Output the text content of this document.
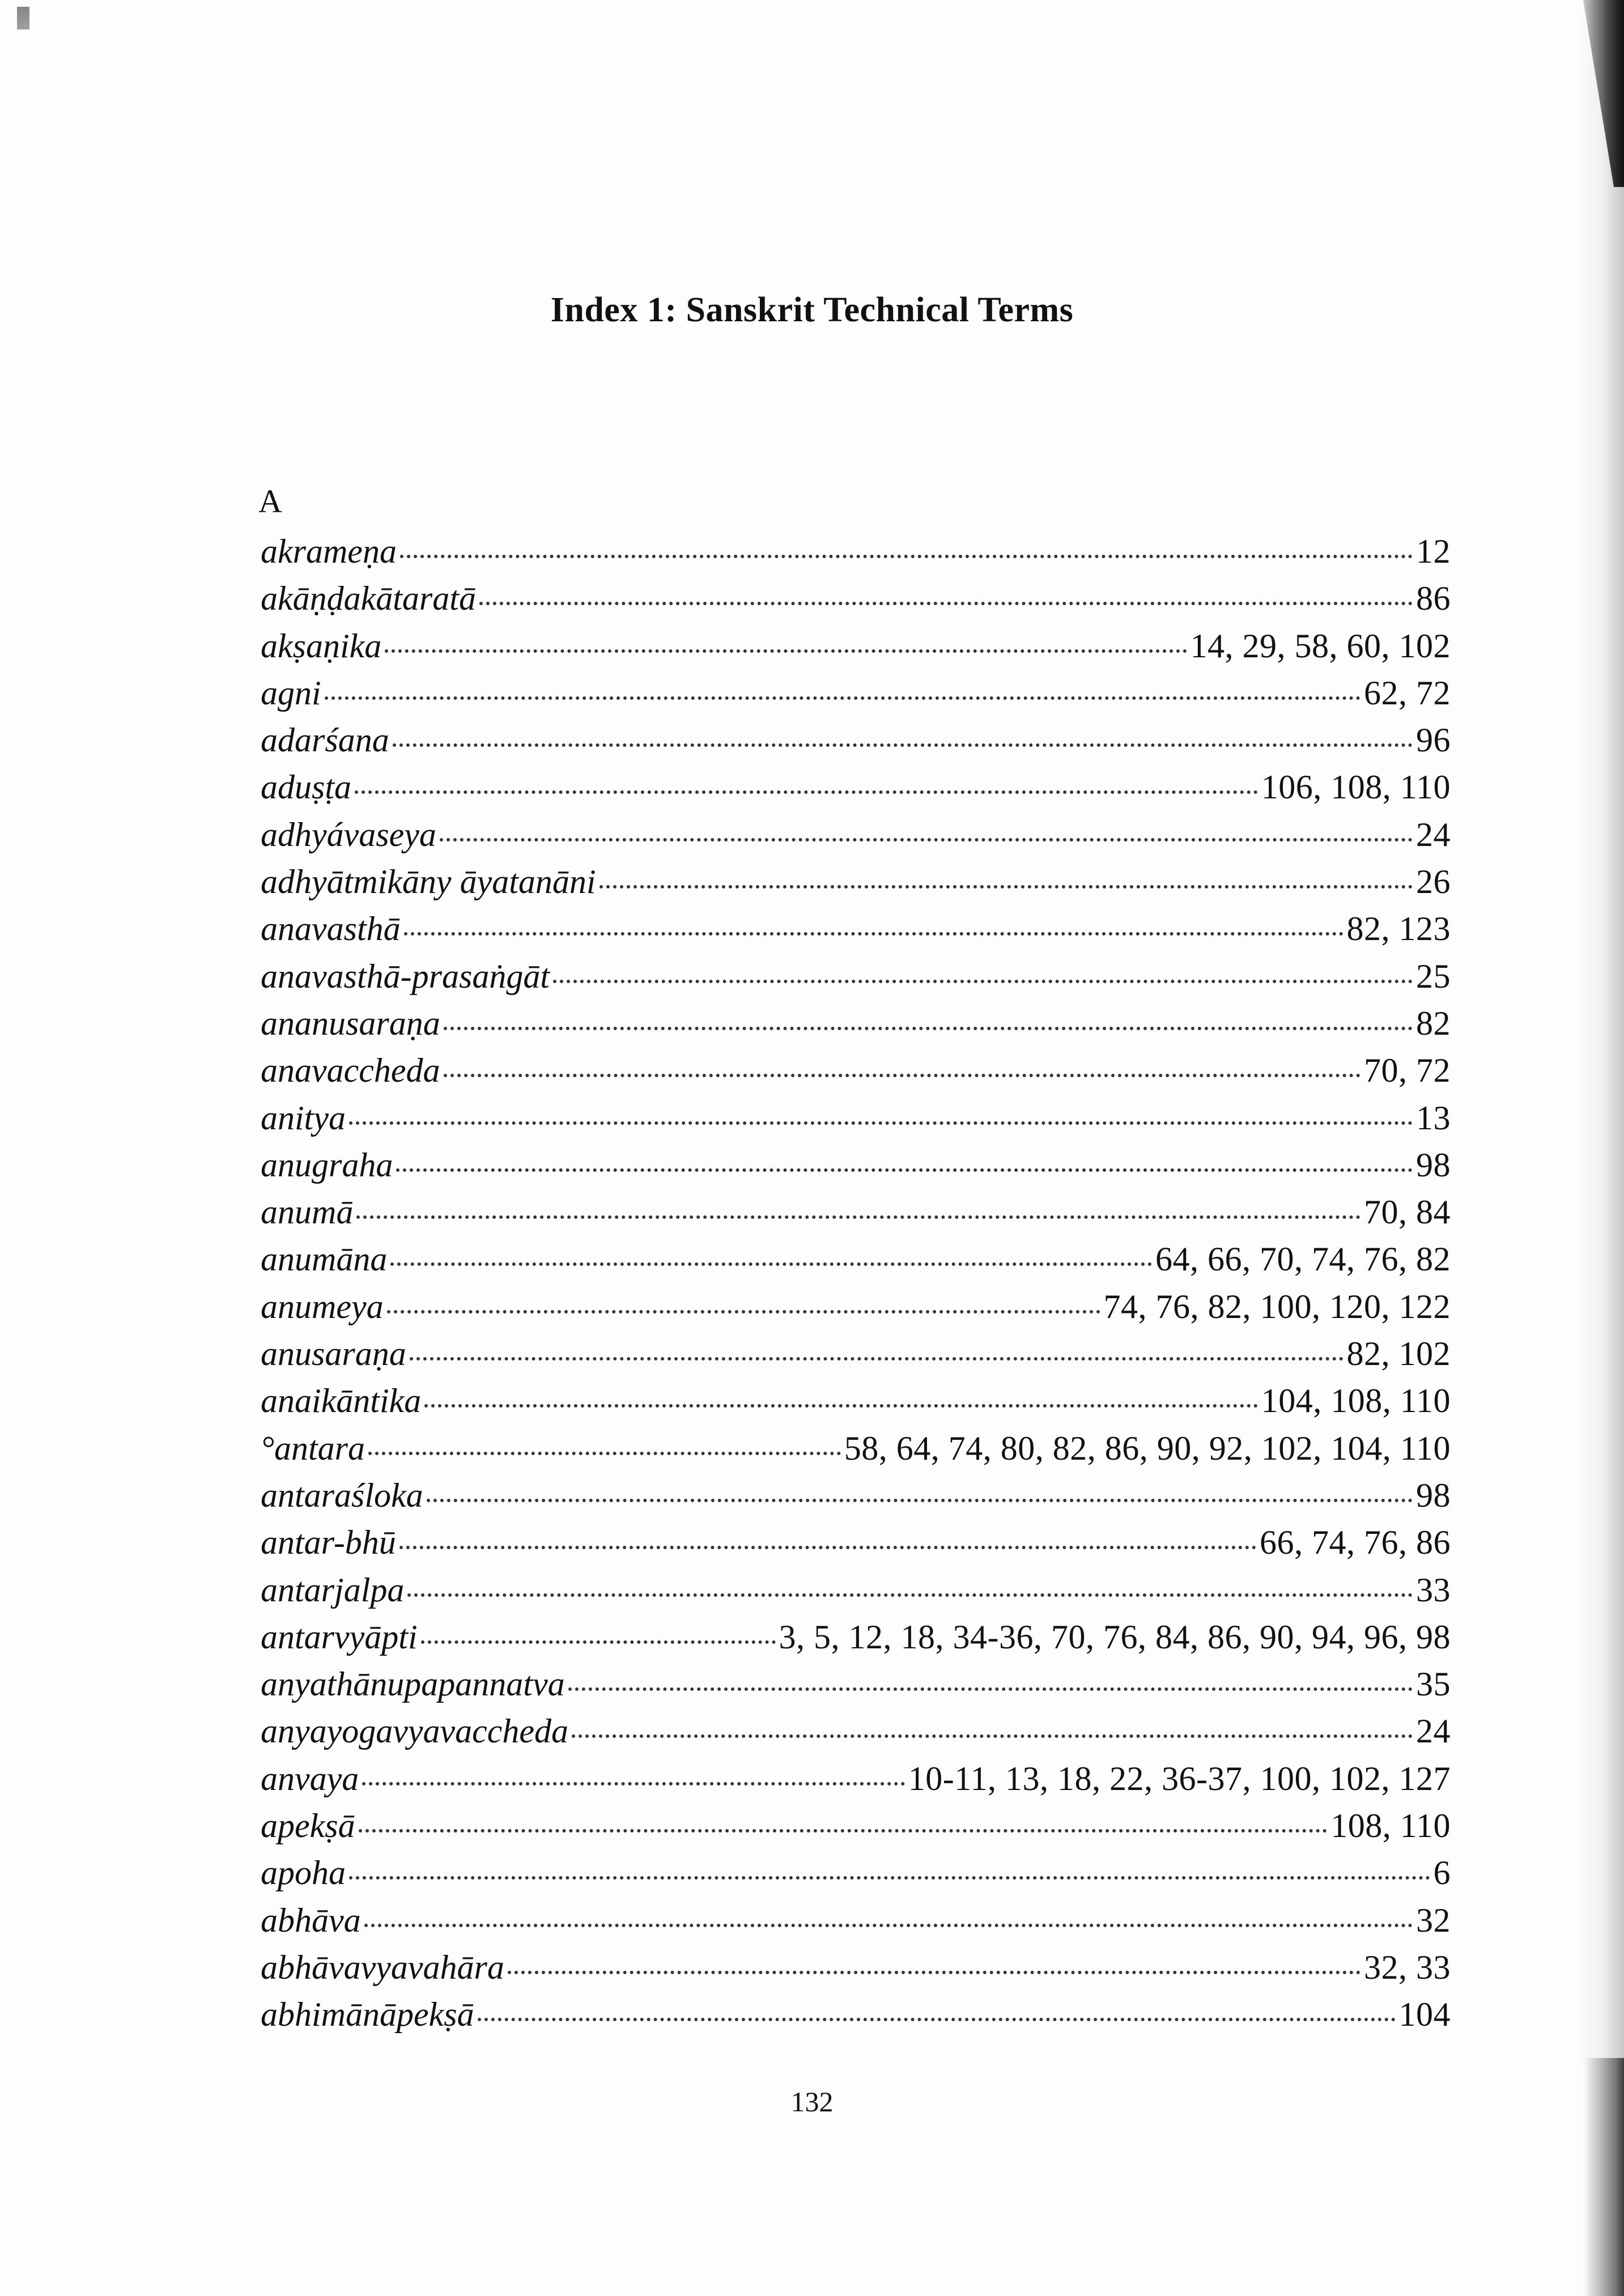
Index 1: Sanskrit Technical Terms
A
akrameṇa	12
akāṇḍakātaratā	86
akṣaṇika	14, 29, 58, 60, 102
agni	62, 72
adarśana	96
aduṣṭa	106, 108, 110
adhyávaseya	24
adhyātmikāny āyatanāni	26
anavasthā	82, 123
anavasthā-prasaṅgāt	25
ananusaraṇa	82
anavaccheda	70, 72
anitya	13
anugraha	98
anumā	70, 84
anumāna	64, 66, 70, 74, 76, 82
anumeya	74, 76, 82, 100, 120, 122
anusaraṇa	82, 102
anaikāntika	104, 108, 110
°antara	58, 64, 74, 80, 82, 86, 90, 92, 102, 104, 110
antaraśloka	98
antar-bhū	66, 74, 76, 86
antarjalpa	33
antarvyāpti	3, 5, 12, 18, 34-36, 70, 76, 84, 86, 90, 94, 96, 98
anyathānupapannatva	35
anyayogavyavaccheda	24
anvaya	10-11, 13, 18, 22, 36-37, 100, 102, 127
apekṣā	108, 110
apoha	6
abhāva	32
abhāvavyavahāra	32, 33
abhimānāpekṣā	104
132
